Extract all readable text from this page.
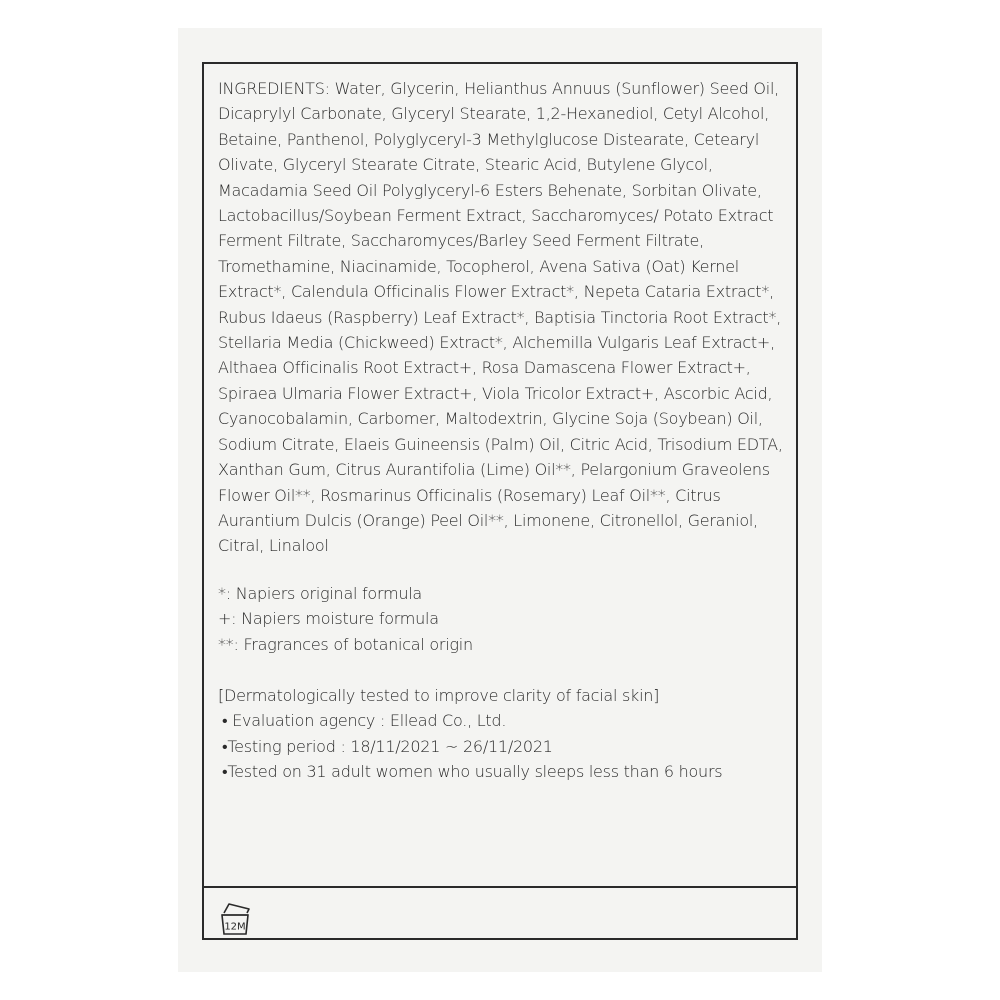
INGREDIENTS: Water, Glycerin, Helianthus Annuus (Sunflower) Seed Oil, Dicaprylyl Carbonate, Glyceryl Stearate, 1,2-Hexanediol, Cetyl Alcohol, Betaine, Panthenol, Polyglyceryl-3 Methylglucose Distearate, Cetearyl Olivate, Glyceryl Stearate Citrate, Stearic Acid, Butylene Glycol, Macadamia Seed Oil Polyglyceryl-6 Esters Behenate, Sorbitan Olivate, Lactobacillus/Soybean Ferment Extract, Saccharomyces/ Potato Extract Ferment Filtrate, Saccharomyces/Barley Seed Ferment Filtrate, Tromethamine, Niacinamide, Tocopherol, Avena Sativa (Oat) Kernel Extract*, Calendula Officinalis Flower Extract*, Nepeta Cataria Extract*, Rubus Idaeus (Raspberry) Leaf Extract*, Baptisia Tinctoria Root Extract*, Stellaria Media (Chickweed) Extract*, Alchemilla Vulgaris Leaf Extract+, Althaea Officinalis Root Extract+, Rosa Damascena Flower Extract+, Spiraea Ulmaria Flower Extract+, Viola Tricolor Extract+, Ascorbic Acid, Cyanocobalamin, Carbomer, Maltodextrin, Glycine Soja (Soybean) Oil, Sodium Citrate, Elaeis Guineensis (Palm) Oil, Citric Acid, Trisodium EDTA, Xanthan Gum, Citrus Aurantifolia (Lime) Oil**, Pelargonium Graveolens Flower Oil**, Rosmarinus Officinalis (Rosemary) Leaf Oil**, Citrus Aurantium Dulcis (Orange) Peel Oil**, Limonene, Citronellol, Geraniol, Citral, Linalool

*: Napiers original formula
+: Napiers moisture formula
**: Fragrances of botanical origin
[Dermatologically tested to improve clarity of facial skin]
• Evaluation agency : Ellead Co., Ltd.
•Testing period : 18/11/2021 ~ 26/11/2021
•Tested on 31 adult women who usually sleeps less than 6 hours
12M
